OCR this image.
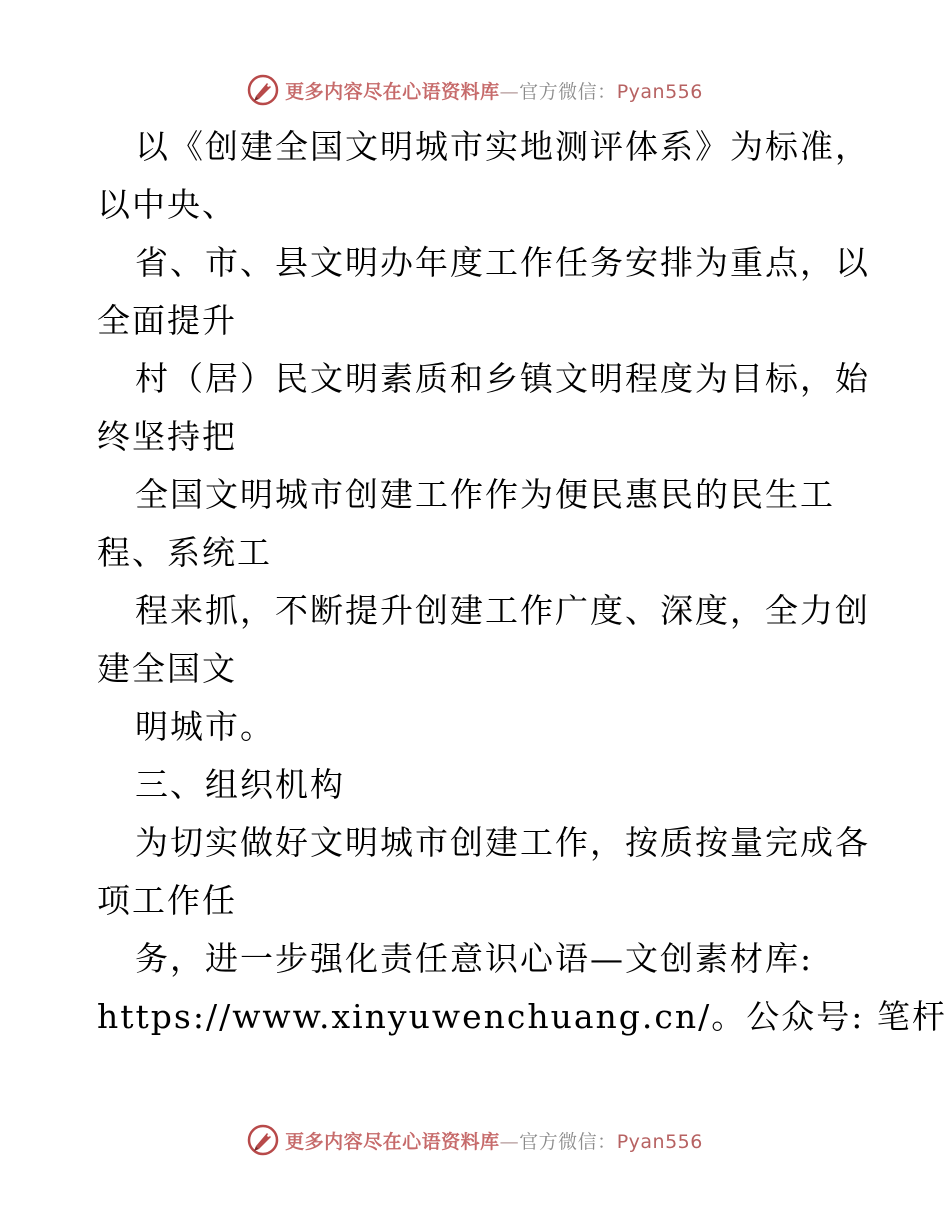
更多内容尽在心语资料库—官方微信：Pyan556
以《创建全国文明城市实地测评体系》为标准，
以中央、
省、市、县文明办年度工作任务安排为重点，以
全面提升
村（居）民文明素质和乡镇文明程度为目标，始
终坚持把
全国文明城市创建工作作为便民惠民的民生工
程、系统工
程来抓，不断提升创建工作广度、深度，全力创
建全国文
明城市。
三、组织机构
为切实做好文明城市创建工作，按质按量完成各
项工作任
务，进一步强化责任意识心语—文创素材库:
https://www.xinyuwenchuang.cn/。公众号: 笔杆
更多内容尽在心语资料库—官方微信：Pyan556
